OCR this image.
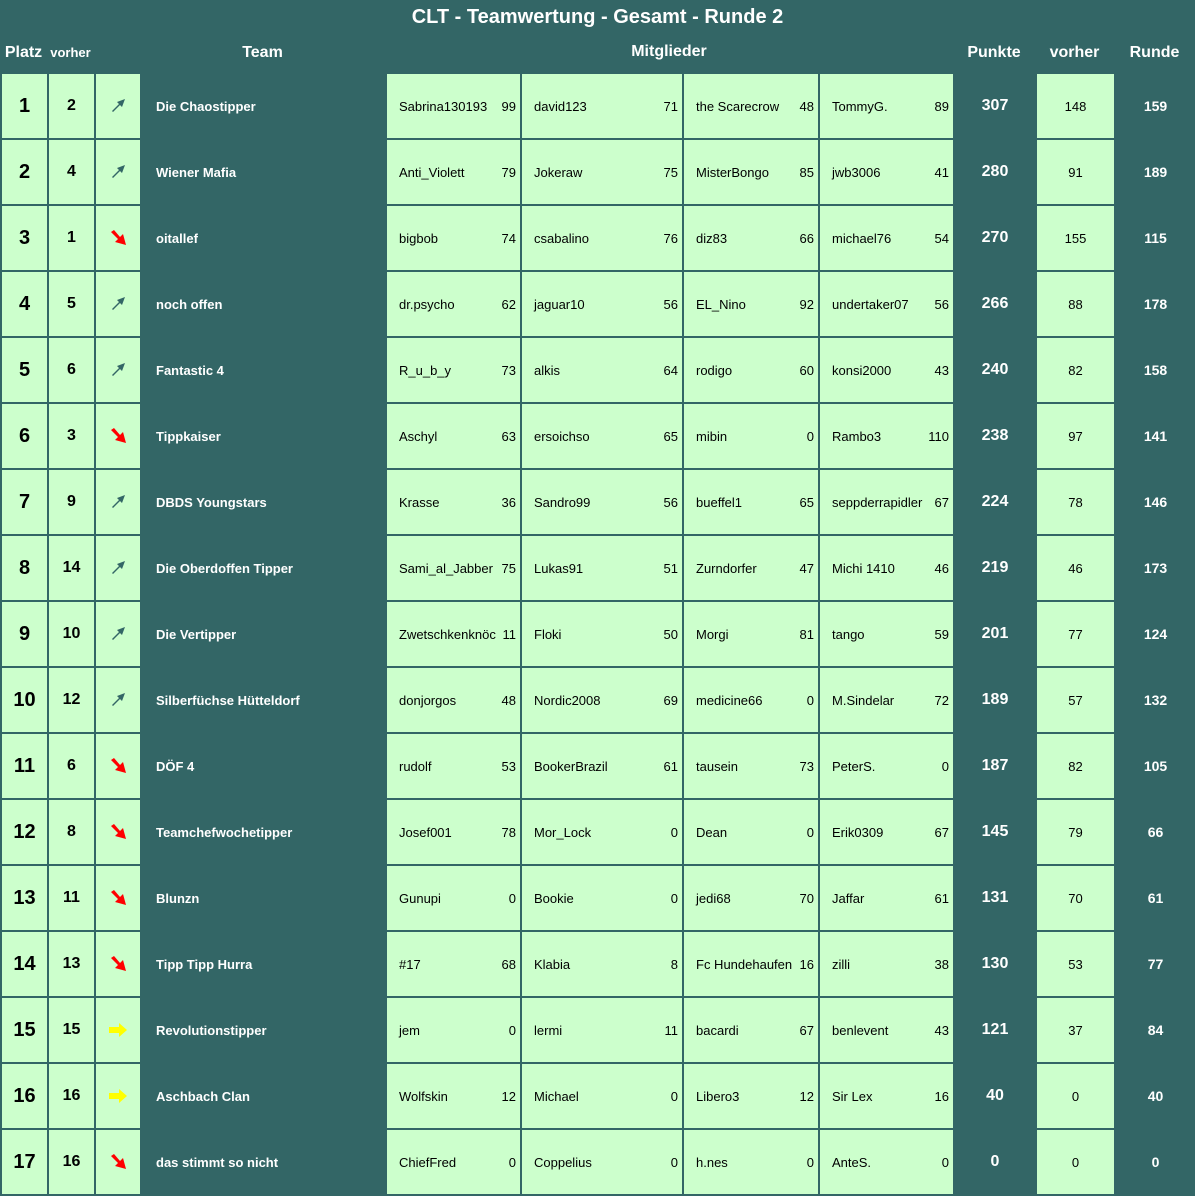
CLT - Teamwertung - Gesamt - Runde 2
Platz vorher	Team	Mitglieder	Punkte	vorher	Runde
1	2		Die Chaostipper	Sabrina130193 99	david123 71	the Scarecrow 48	TommyG. 89	307	148	159
2	4		Wiener Mafia	Anti_Violett 79	Jokeraw 75	MisterBongo 85	jwb3006 41	280	91	189
3	1		oitallef	bigbob 74	csabalino 76	diz83 66	michael76 54	270	155	115
4	5		noch offen	dr.psycho 62	jaguar10 56	EL_Nino 92	undertaker07 56	266	88	178
5	6		Fantastic 4	R_u_b_y 73	alkis 64	rodigo 60	konsi2000 43	240	82	158
6	3		Tippkaiser	Aschyl 63	ersoichso 65	mibin 0	Rambo3 110	238	97	141
7	9		DBDS Youngstars	Krasse 36	Sandro99 56	bueffel1 65	seppderrapidler 67	224	78	146
8	14		Die Oberdoffen Tipper	Sami_al_Jabber 75	Lukas91 51	Zurndorfer 47	Michi 1410 46	219	46	173
9	10		Die Vertipper	Zwetschkenknöc 11	Floki 50	Morgi 81	tango 59	201	77	124
10	12		Silberfüchse Hütteldorf	donjorgos 48	Nordic2008 69	medicine66 0	M.Sindelar 72	189	57	132
11	6		DÖF 4	rudolf 53	BookerBrazil 61	tausein 73	PeterS. 0	187	82	105
12	8		Teamchefwochetipper	Josef001 78	Mor_Lock 0	Dean 0	Erik0309 67	145	79	66
13	11		Blunzn	Gunupi 0	Bookie 0	jedi68 70	Jaffar 61	131	70	61
14	13		Tipp Tipp Hurra	#17 68	Klabia 8	Fc Hundehaufen 16	zilli 38	130	53	77
15	15		Revolutionstipper	jem 0	lermi 11	bacardi 67	benlevent 43	121	37	84
16	16		Aschbach Clan	Wolfskin 12	Michael 0	Libero3 12	Sir Lex 16	40	0	40
17	16		das stimmt so nicht	ChiefFred 0	Coppelius 0	h.nes 0	AnteS. 0	0	0	0
